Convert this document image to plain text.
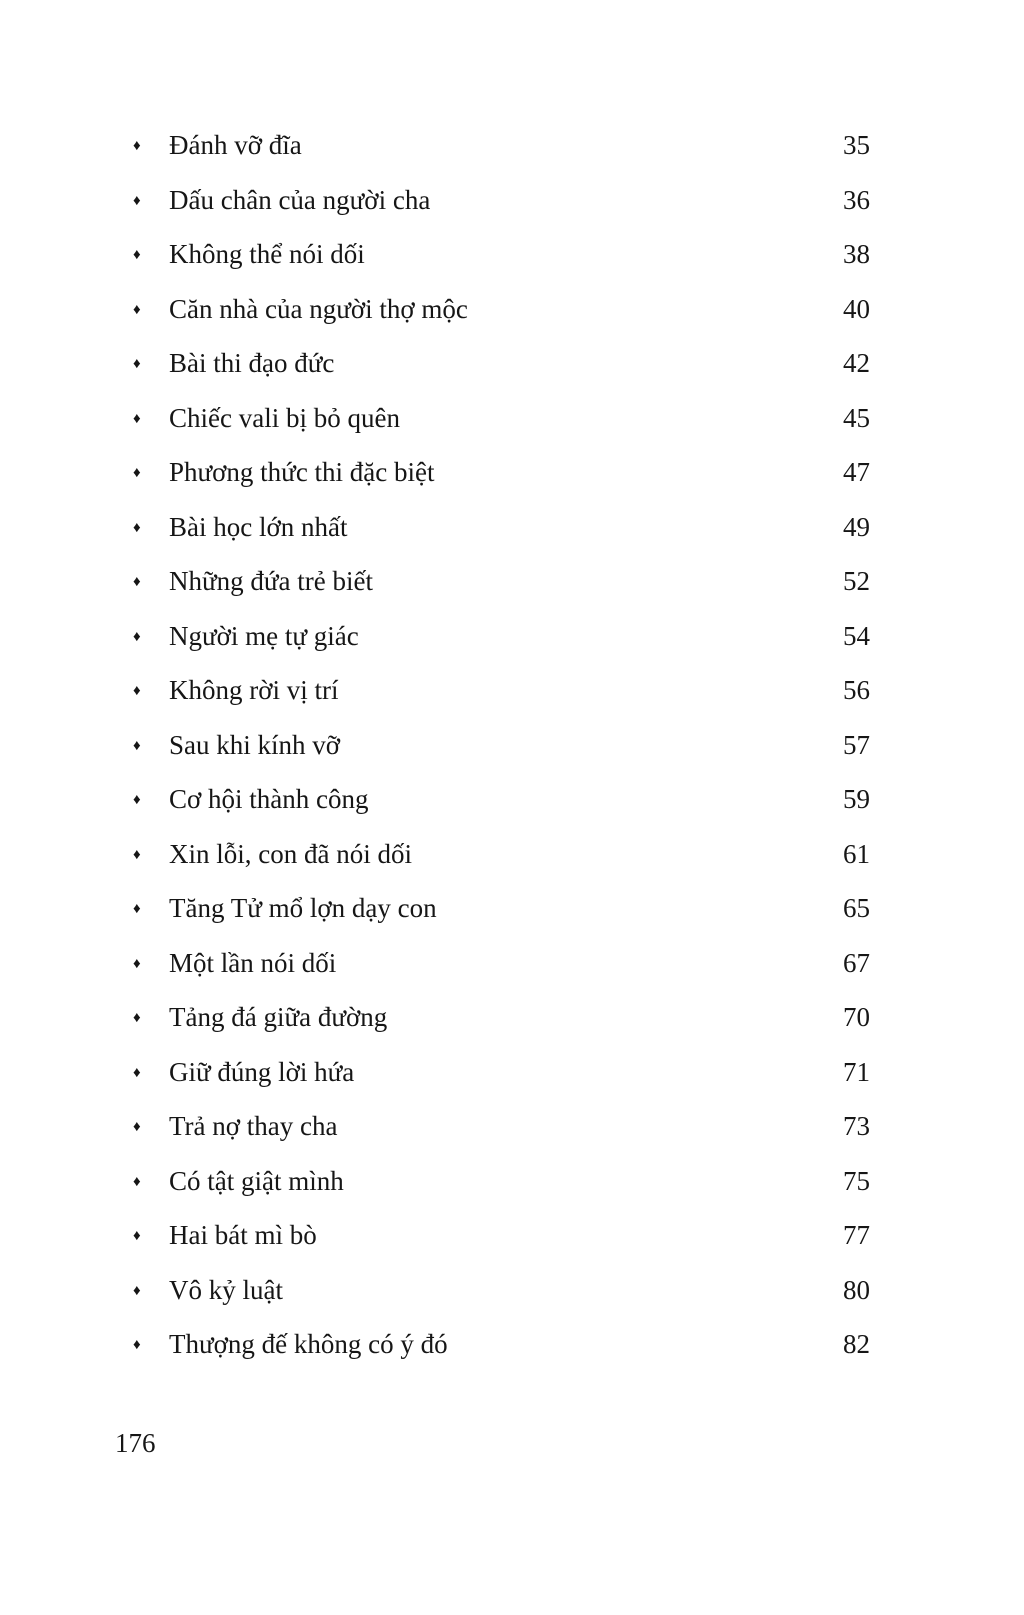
♦	Đánh vỡ đĩa	35
♦	Dấu chân của người cha	36
♦	Không thể nói dối	38
♦	Căn nhà của người thợ mộc	40
♦	Bài thi đạo đức	42
♦	Chiếc vali bị bỏ quên	45
♦	Phương thức thi đặc biệt	47
♦	Bài học lớn nhất	49
♦	Những đứa trẻ biết	52
♦	Người mẹ tự giác	54
♦	Không rời vị trí	56
♦	Sau khi kính vỡ	57
♦	Cơ hội thành công	59
♦	Xin lỗi, con đã nói dối	61
♦	Tăng Tử mổ lợn dạy con	65
♦	Một lần nói dối	67
♦	Tảng đá giữa đường	70
♦	Giữ đúng lời hứa	71
♦	Trả nợ thay cha	73
♦	Có tật giật mình	75
♦	Hai bát mì bò	77
♦	Vô kỷ luật	80
♦	Thượng đế không có ý đó	82
176
